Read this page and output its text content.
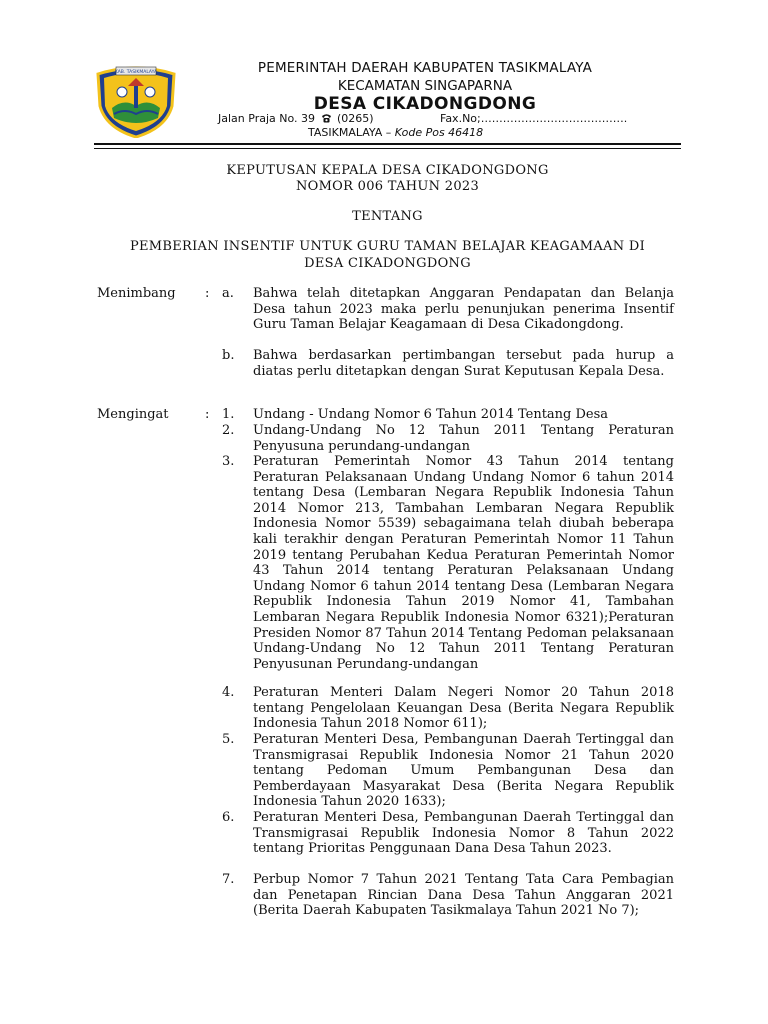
KAB. TASIKMALAYA	PEMERINTAH DAERAH KABUPATEN TASIKMALAYA
KECAMATAN SINGAPARNA
DESA CIKADONGDONG
Jalan Praja No. 39 (0265)	Fax.No;………………………………….
TASIKMALAYA – Kode Pos 46418
KEPUTUSAN KEPALA DESA CIKADONGDONG
NOMOR 006 TAHUN 2023
TENTANG
PEMBERIAN INSENTIF UNTUK GURU TAMAN BELAJAR KEAGAMAAN DI
DESA CIKADONGDONG
Menimbang : a. Bahwa telah ditetapkan Anggaran Pendapatan dan Belanja Desa tahun 2023 maka perlu penunjukan penerima Insentif Guru Taman Belajar Keagamaan di Desa Cikadongdong.
b. Bahwa berdasarkan pertimbangan tersebut pada hurup a diatas perlu ditetapkan dengan Surat Keputusan Kepala Desa.
Mengingat	: 1. Undang - Undang Nomor 6 Tahun 2014 Tentang Desa
2. Undang-Undang No 12 Tahun 2011 Tentang Peraturan Penyusuna perundang-undangan
3. Peraturan Pemerintah Nomor 43 Tahun 2014 tentang Peraturan Pelaksanaan Undang Undang Nomor 6 tahun 2014 tentang Desa (Lembaran Negara Republik Indonesia Tahun 2014 Nomor 213, Tambahan Lembaran Negara Republik Indonesia Nomor 5539) sebagaimana telah diubah beberapa kali terakhir dengan Peraturan Pemerintah Nomor 11 Tahun 2019 tentang Perubahan Kedua Peraturan Pemerintah Nomor 43 Tahun 2014 tentang Peraturan Pelaksanaan Undang Undang Nomor 6 tahun 2014 tentang Desa (Lembaran Negara Republik Indonesia Tahun 2019 Nomor 41, Tambahan Lembaran Negara Republik Indonesia Nomor 6321);Peraturan Presiden Nomor 87 Tahun 2014 Tentang Pedoman pelaksanaan Undang-Undang No 12 Tahun 2011 Tentang Peraturan Penyusunan Perundang-undangan
4. Peraturan Menteri Dalam Negeri Nomor 20 Tahun 2018 tentang Pengelolaan Keuangan Desa (Berita Negara Republik Indonesia Tahun 2018 Nomor 611);
5. Peraturan Menteri Desa, Pembangunan Daerah Tertinggal dan Transmigrasai Republik Indonesia Nomor 21 Tahun 2020 tentang Pedoman Umum Pembangunan Desa dan Pemberdayaan Masyarakat Desa (Berita Negara Republik Indonesia Tahun 2020 1633);
6. Peraturan Menteri Desa, Pembangunan Daerah Tertinggal dan Transmigrasai Republik Indonesia Nomor 8 Tahun 2022 tentang Prioritas Penggunaan Dana Desa Tahun 2023.
7. Perbup Nomor 7 Tahun 2021 Tentang Tata Cara Pembagian dan Penetapan Rincian Dana Desa Tahun Anggaran 2021 (Berita Daerah Kabupaten Tasikmalaya Tahun 2021 No 7);
